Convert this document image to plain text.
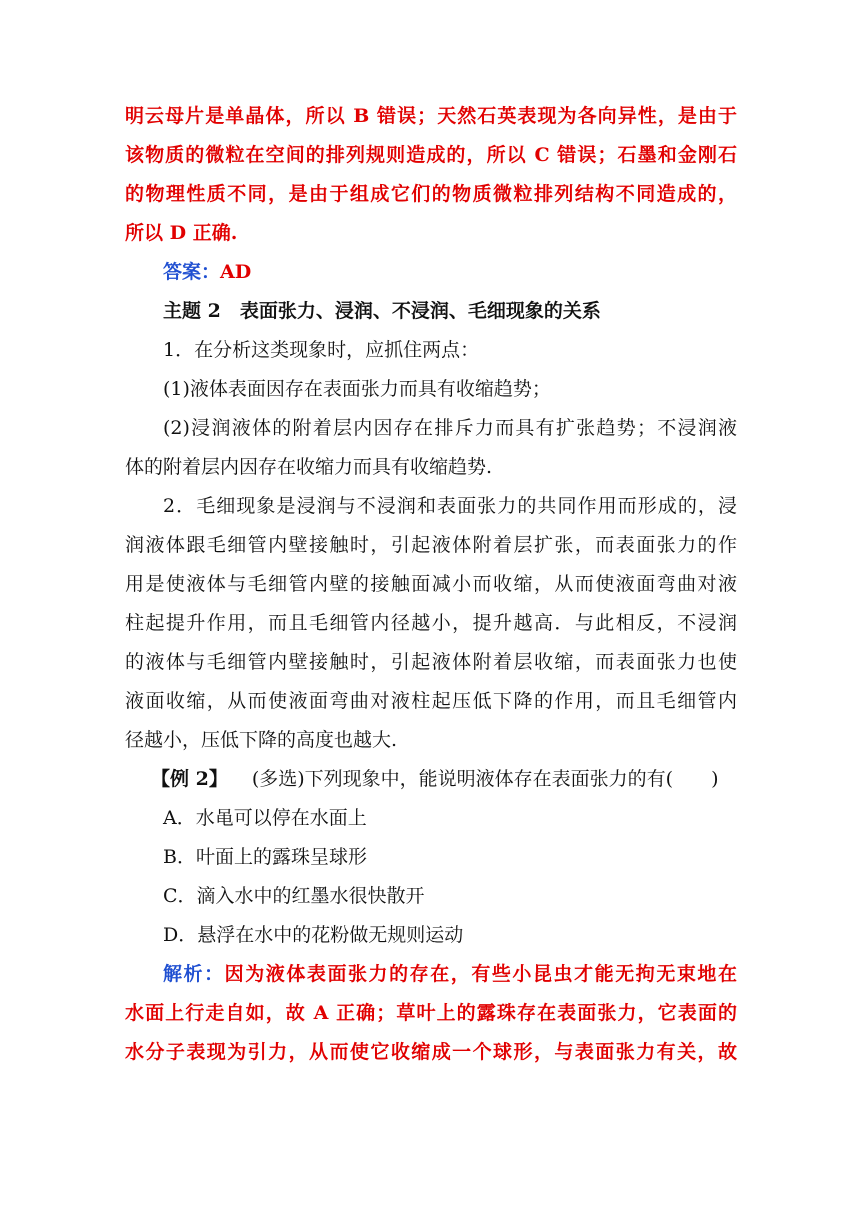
明云母片是单晶体，所以 B 错误；天然石英表现为各向异性，是由于
该物质的微粒在空间的排列规则造成的，所以 C 错误；石墨和金刚石
的物理性质不同，是由于组成它们的物质微粒排列结构不同造成的，
所以 D 正确.
答案：AD
主题 2　表面张力、浸润、不浸润、毛细现象的关系
1．在分析这类现象时，应抓住两点：
(1)液体表面因存在表面张力而具有收缩趋势；
(2)浸润液体的附着层内因存在排斥力而具有扩张趋势；不浸润液
体的附着层内因存在收缩力而具有收缩趋势.
2．毛细现象是浸润与不浸润和表面张力的共同作用而形成的，浸
润液体跟毛细管内壁接触时，引起液体附着层扩张，而表面张力的作
用是使液体与毛细管内壁的接触面减小而收缩，从而使液面弯曲对液
柱起提升作用，而且毛细管内径越小，提升越高．与此相反，不浸润
的液体与毛细管内壁接触时，引起液体附着层收缩，而表面张力也使
液面收缩，从而使液面弯曲对液柱起压低下降的作用，而且毛细管内
径越小，压低下降的高度也越大.
【例 2】 (多选)下列现象中，能说明液体存在表面张力的有(　　)
A．水黾可以停在水面上
B．叶面上的露珠呈球形
C．滴入水中的红墨水很快散开
D．悬浮在水中的花粉做无规则运动
解析：因为液体表面张力的存在，有些小昆虫才能无拘无束地在
水面上行走自如，故 A 正确；草叶上的露珠存在表面张力，它表面的
水分子表现为引力，从而使它收缩成一个球形，与表面张力有关，故
